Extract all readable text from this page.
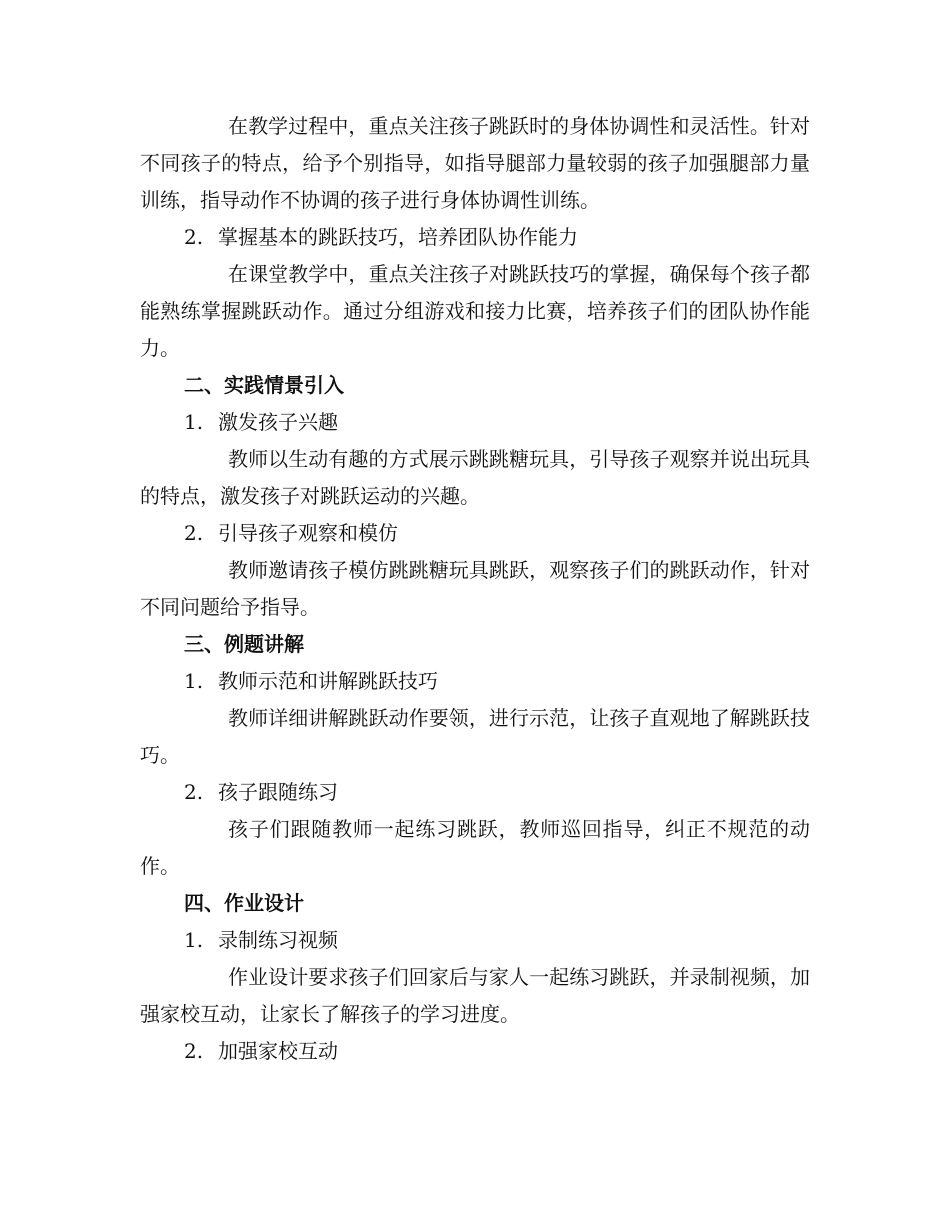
在教学过程中，重点关注孩子跳跃时的身体协调性和灵活性。针对不同孩子的特点，给予个别指导，如指导腿部力量较弱的孩子加强腿部力量训练，指导动作不协调的孩子进行身体协调性训练。

2. 掌握基本的跳跃技巧，培养团队协作能力

在课堂教学中，重点关注孩子对跳跃技巧的掌握，确保每个孩子都能熟练掌握跳跃动作。通过分组游戏和接力比赛，培养孩子们的团队协作能力。

二、实践情景引入
1. 激发孩子兴趣

教师以生动有趣的方式展示跳跳糖玩具，引导孩子观察并说出玩具的特点，激发孩子对跳跃运动的兴趣。

2. 引导孩子观察和模仿

教师邀请孩子模仿跳跳糖玩具跳跃，观察孩子们的跳跃动作，针对不同问题给予指导。

三、例题讲解
1. 教师示范和讲解跳跃技巧

教师详细讲解跳跃动作要领，进行示范，让孩子直观地了解跳跃技巧。

2. 孩子跟随练习

孩子们跟随教师一起练习跳跃，教师巡回指导，纠正不规范的动作。

四、作业设计
1. 录制练习视频

作业设计要求孩子们回家后与家人一起练习跳跃，并录制视频，加强家校互动，让家长了解孩子的学习进度。

2. 加强家校互动
